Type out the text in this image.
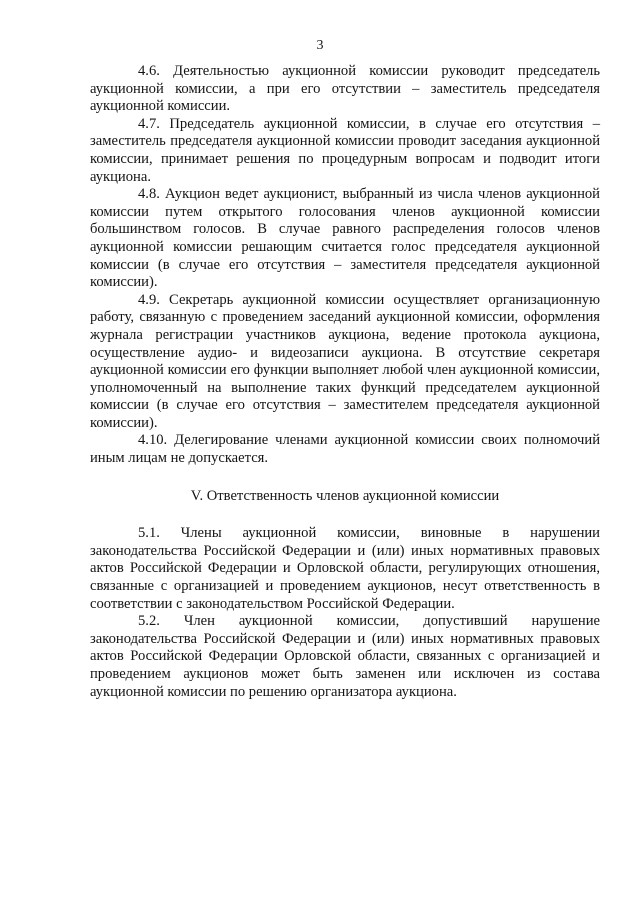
3

4.6. Деятельностью аукционной комиссии руководит председатель аукционной комиссии, а при его отсутствии – заместитель председателя аукционной комиссии.

4.7. Председатель аукционной комиссии, в случае его отсутствия – заместитель председателя аукционной комиссии проводит заседания аукционной комиссии, принимает решения по процедурным вопросам и подводит итоги аукциона.

4.8. Аукцион ведет аукционист, выбранный из числа членов аукционной комиссии путем открытого голосования членов аукционной комиссии большинством голосов. В случае равного распределения голосов членов аукционной комиссии решающим считается голос председателя аукционной комиссии (в случае его отсутствия – заместителя председателя аукционной комиссии).

4.9. Секретарь аукционной комиссии осуществляет организационную работу, связанную с проведением заседаний аукционной комиссии, оформления журнала регистрации участников аукциона, ведение протокола аукциона, осуществление аудио- и видеозаписи аукциона. В отсутствие секретаря аукционной комиссии его функции выполняет любой член аукционной комиссии, уполномоченный на выполнение таких функций председателем аукционной комиссии (в случае его отсутствия – заместителем председателя аукционной комиссии).

4.10. Делегирование членами аукционной комиссии своих полномочий иным лицам не допускается.

V. Ответственность членов аукционной комиссии

5.1. Члены аукционной комиссии, виновные в нарушении законодательства Российской Федерации и (или) иных нормативных правовых актов Российской Федерации и Орловской области, регулирующих отношения, связанные с организацией и проведением аукционов, несут ответственность в соответствии с законодательством Российской Федерации.

5.2. Член аукционной комиссии, допустивший нарушение законодательства Российской Федерации и (или) иных нормативных правовых актов Российской Федерации Орловской области, связанных с организацией и проведением аукционов может быть заменен или исключен из состава аукционной комиссии по решению организатора аукциона.
